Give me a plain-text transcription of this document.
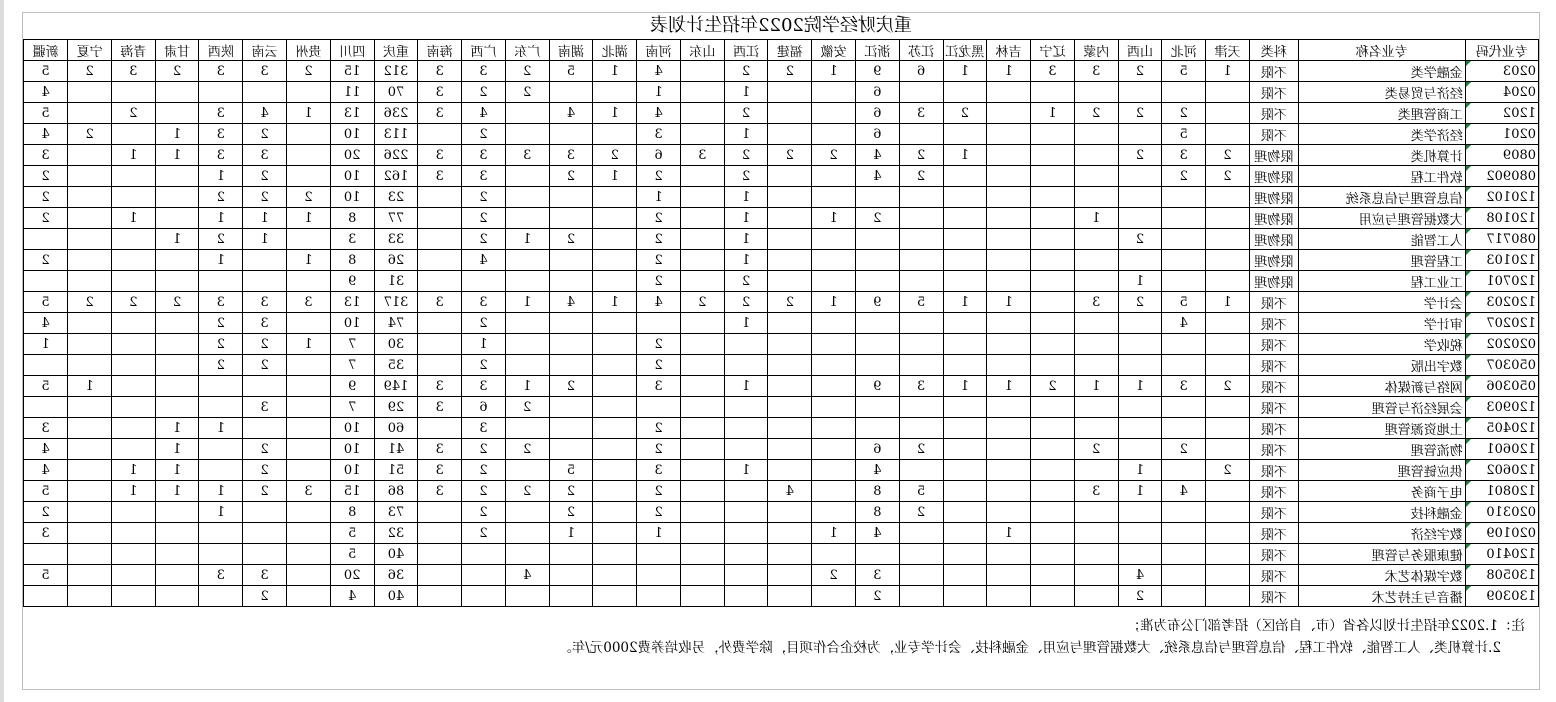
重庆财经学院2022年招生计划表
专业代码	专业名称	科类	天津	河北	山西	内蒙	辽宁	吉林	黑龙江	江苏	浙江	安徽	福建	江西	山东	河南	湖北	湖南	广东	广西	海南	重庆	四川	贵州	云南	陕西	甘肃	青海	宁夏	新疆
0203	金融学类	不限	1	5	2	3	3	1	1	6	9	1	2	2		4	1	5	2	3	3	312	15	2	3	3	2	3	2	5
0204	经济与贸易类	不限									6			1		1			2	2	3	70	11							4
1202	工商管理类	不限		2	2	2	1		2	3	6			2		4	1	4		4	3	236	13	1	4	3		2		5
0201	经济学类	不限		5							6			1		3				2		113	10		2	3	1		2	4
0809	计算机类	限物理	2	3	2				1	2	4	2	2	2	3	6	2	3	3	3	3	226	20		3	3	1	1		3
080902	软件工程	限物理	2	2						2	4			2		2	1	2		3	3	162	10		2	1				2
120102	信息管理与信息系统	限物理												1		1				2		23	10	2	2	2				2
120108	大数据管理与应用	限物理				1					2	1		1		2				2		77	8	1	1	1		1		2
080717	人工智能	限物理			2									1		2		2	1	2		33	3		1	2	1			
120103	工程管理	限物理												1		2				4		26	8	1		1				2
120701	工业工程	限物理			1									2		2						31	9							
120203	会计学	不限	1	5	2	3		1	1	5	9	1	2	2	2	4	1	4	1	3	3	317	13	3	3	3	2	2	2	5
120207	审计学	不限		4										1						2		74	10		3	2				4
020202	税收学	不限														2				1		30	7	1	2	2				1
050307	数字出版	不限														2				2		35	7		2	2				
050306	网络与新媒体	不限	2	3	1	1	2	1	1	3	9			1		3		2	1	3	3	149	9						1	5
120903	会展经济与管理	不限																	2	6	3	29	7		3					
120405	土地资源管理	不限														2				3		60	10			1	1			3
120601	物流管理	不限		2		2				2	6					2			2	2	3	41	10		2		1			4
120602	供应链管理	不限	2		1						4			1		3		5		2	3	51	10		2		1	1		4
120801	电子商务	不限		4	1	3				5	8		4			2		2	2	2	3	86	15	3	2	1	1	1		5
020310	金融科技	不限								2	8					2		2		2		73	8			1				2
020109	数字经济	不限						1			4	1				1		1		2		32	5							3
120410	健康服务与管理	不限																				40	5							
130508	数字媒体艺术	不限			4						3	2							4			36	20		3	3				5
130309	播音与主持艺术	不限			2						2											40	4		2					
注：1.2022年招生计划以各省（市、自治区）招考部门公布为准；
2.计算机类、人工智能、软件工程、信息管理与信息系统、大数据管理与应用、金融科技、会计学专业，为校企合作项目，除学费外，另收培养费2000元/年。
